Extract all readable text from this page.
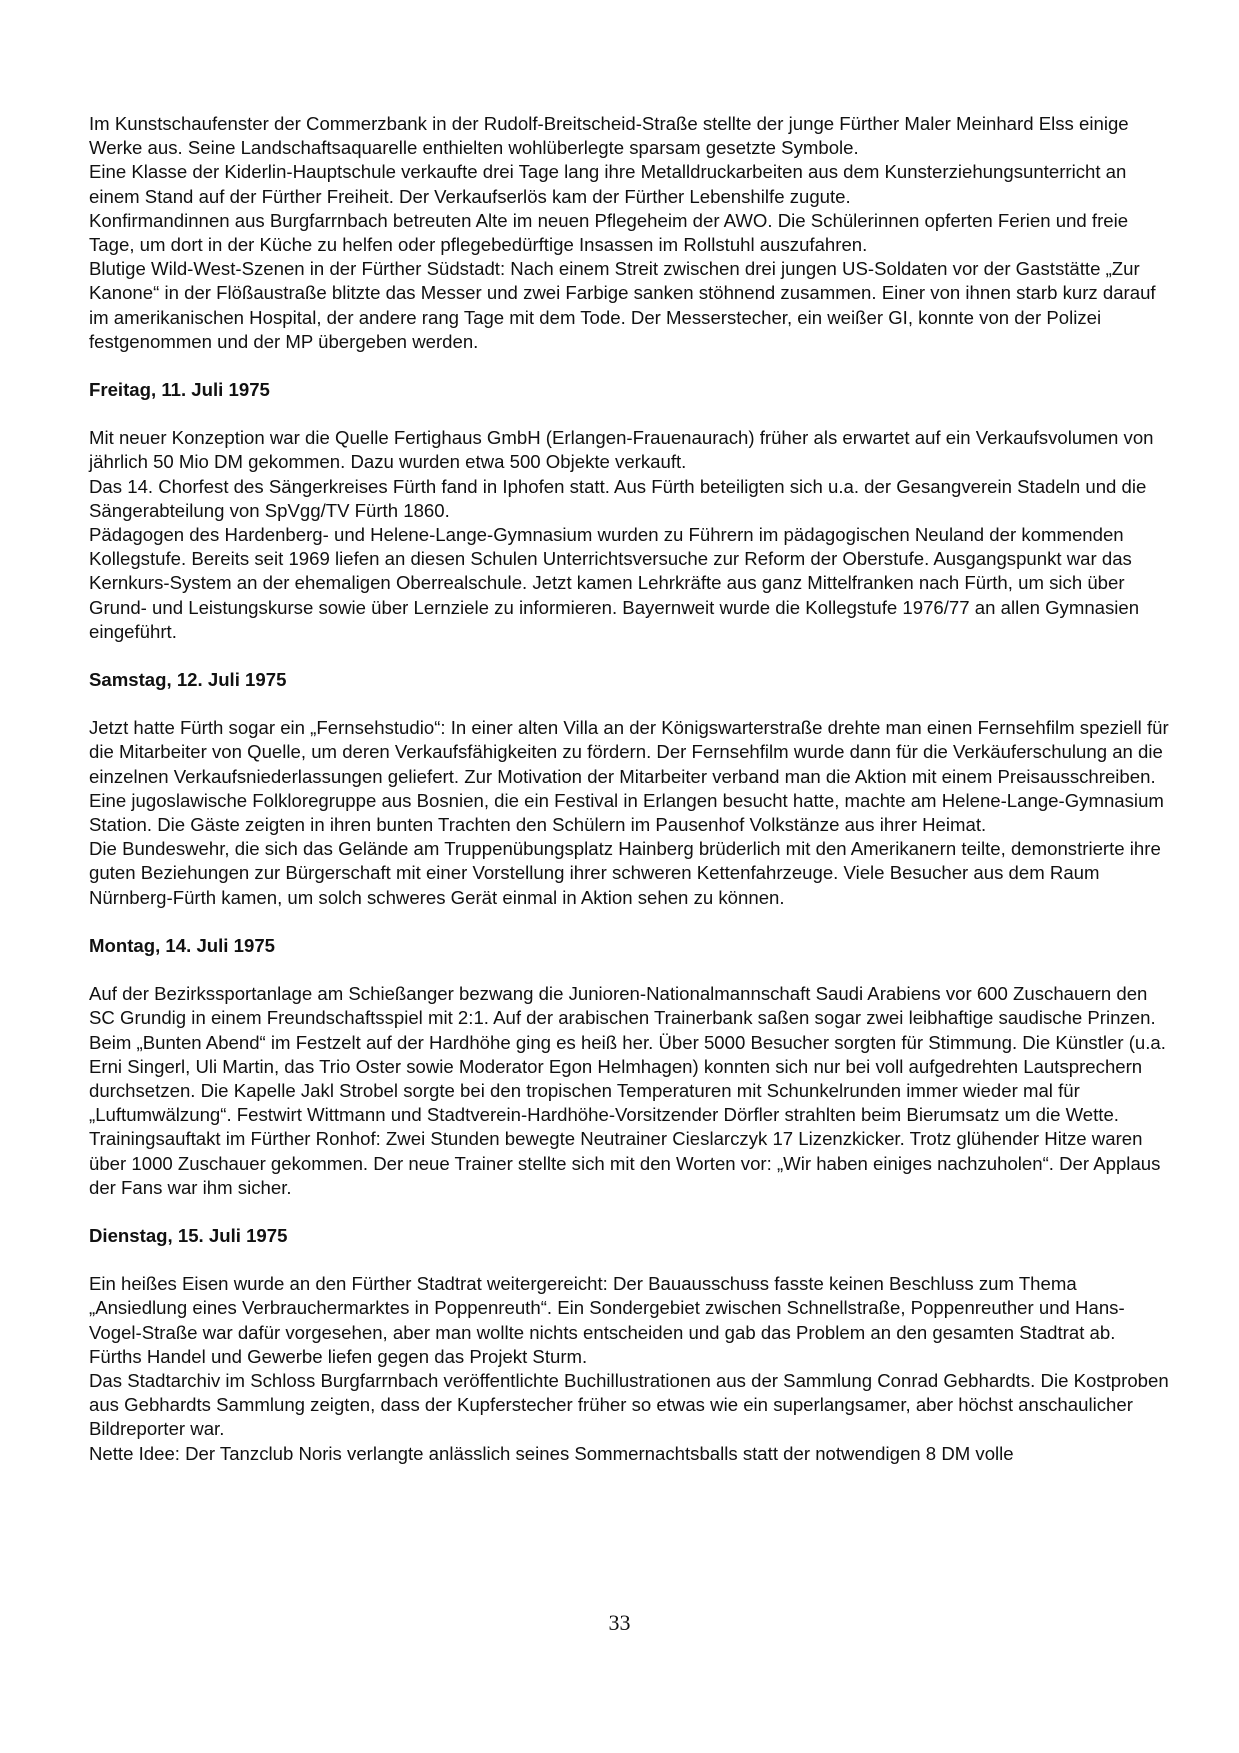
Im Kunstschaufenster der Commerzbank in der Rudolf-Breitscheid-Straße stellte der junge Fürther Maler Meinhard Elss einige Werke aus. Seine Landschaftsaquarelle enthielten wohlüberlegte sparsam gesetzte Symbole.

Eine Klasse der Kiderlin-Hauptschule verkaufte drei Tage lang ihre Metalldruckarbeiten aus dem Kunsterziehungsunterricht an einem Stand auf der Fürther Freiheit. Der Verkaufserlös kam der Fürther Lebenshilfe zugute.

Konfirmandinnen aus Burgfarrnbach betreuten Alte im neuen Pflegeheim der AWO. Die Schülerinnen opferten Ferien und freie Tage, um dort in der Küche zu helfen oder pflegebedürftige Insassen im Rollstuhl auszufahren.

Blutige Wild-West-Szenen in der Fürther Südstadt: Nach einem Streit zwischen drei jungen US-Soldaten vor der Gaststätte „Zur Kanone“ in der Flößaustraße blitzte das Messer und zwei Farbige sanken stöhnend zusammen. Einer von ihnen starb kurz darauf im amerikanischen Hospital, der andere rang Tage mit dem Tode. Der Messerstecher, ein weißer GI, konnte von der Polizei festgenommen und der MP übergeben werden.

Freitag, 11. Juli 1975

Mit neuer Konzeption war die Quelle Fertighaus GmbH (Erlangen-Frauenaurach) früher als erwartet auf ein Verkaufsvolumen von jährlich 50 Mio DM gekommen. Dazu wurden etwa 500 Objekte verkauft.

Das 14. Chorfest des Sängerkreises Fürth fand in Iphofen statt. Aus Fürth beteiligten sich u.a. der Gesangverein Stadeln und die Sängerabteilung von SpVgg/TV Fürth 1860.

Pädagogen des Hardenberg- und Helene-Lange-Gymnasium wurden zu Führern im pädagogischen Neuland der kommenden Kollegstufe. Bereits seit 1969 liefen an diesen Schulen Unterrichtsversuche zur Reform der Oberstufe. Ausgangspunkt war das Kernkurs-System an der ehemaligen Oberrealschule. Jetzt kamen Lehrkräfte aus ganz Mittelfranken nach Fürth, um sich über Grund- und Leistungskurse sowie über Lernziele zu informieren. Bayernweit wurde die Kollegstufe 1976/77 an allen Gymnasien eingeführt.

Samstag, 12. Juli 1975

Jetzt hatte Fürth sogar ein „Fernsehstudio“: In einer alten Villa an der Königswarterstraße drehte man einen Fernsehfilm speziell für die Mitarbeiter von Quelle, um deren Verkaufsfähigkeiten zu fördern. Der Fernsehfilm wurde dann für die Verkäuferschulung an die einzelnen Verkaufsniederlassungen geliefert. Zur Motivation der Mitarbeiter verband man die Aktion mit einem Preisausschreiben.

Eine jugoslawische Folkloregruppe aus Bosnien, die ein Festival in Erlangen besucht hatte, machte am Helene-Lange-Gymnasium Station. Die Gäste zeigten in ihren bunten Trachten den Schülern im Pausenhof Volkstänze aus ihrer Heimat.

Die Bundeswehr, die sich das Gelände am Truppenübungsplatz Hainberg brüderlich mit den Amerikanern teilte, demonstrierte ihre guten Beziehungen zur Bürgerschaft mit einer Vorstellung ihrer schweren Kettenfahrzeuge. Viele Besucher aus dem Raum Nürnberg-Fürth kamen, um solch schweres Gerät einmal in Aktion sehen zu können.

Montag, 14. Juli 1975

Auf der Bezirkssportanlage am Schießanger bezwang die Junioren-Nationalmannschaft Saudi Arabiens vor 600 Zuschauern den SC Grundig in einem Freundschaftsspiel mit 2:1. Auf der arabischen Trainerbank saßen sogar zwei leibhaftige saudische Prinzen.

Beim „Bunten Abend“ im Festzelt auf der Hardhöhe ging es heiß her. Über 5000 Besucher sorgten für Stimmung. Die Künstler (u.a. Erni Singerl, Uli Martin, das Trio Oster sowie Moderator Egon Helmhagen) konnten sich nur bei voll aufgedrehten Lautsprechern durchsetzen. Die Kapelle Jakl Strobel sorgte bei den tropischen Temperaturen mit Schunkelrunden immer wieder mal für „Luftumwälzung“. Festwirt Wittmann und Stadtverein-Hardhöhe-Vorsitzender Dörfler strahlten beim Bierumsatz um die Wette.

Trainingsauftakt im Fürther Ronhof: Zwei Stunden bewegte Neutrainer Cieslarczyk 17 Lizenzkicker. Trotz glühender Hitze waren über 1000 Zuschauer gekommen. Der neue Trainer stellte sich mit den Worten vor: „Wir haben einiges nachzuholen“. Der Applaus der Fans war ihm sicher.

Dienstag, 15. Juli 1975

Ein heißes Eisen wurde an den Fürther Stadtrat weitergereicht: Der Bauausschuss fasste keinen Beschluss zum Thema „Ansiedlung eines Verbrauchermarktes in Poppenreuth“. Ein Sondergebiet zwischen Schnellstraße, Poppenreuther und Hans-Vogel-Straße war dafür vorgesehen, aber man wollte nichts entscheiden und gab das Problem an den gesamten Stadtrat ab. Fürths Handel und Gewerbe liefen gegen das Projekt Sturm.

Das Stadtarchiv im Schloss Burgfarrnbach veröffentlichte Buchillustrationen aus der Sammlung Conrad Gebhardts. Die Kostproben aus Gebhardts Sammlung zeigten, dass der Kupferstecher früher so etwas wie ein superlangsamer, aber höchst anschaulicher Bildreporter war.

Nette Idee: Der Tanzclub Noris verlangte anlässlich seines Sommernachtsballs statt der notwendigen 8 DM volle

33
